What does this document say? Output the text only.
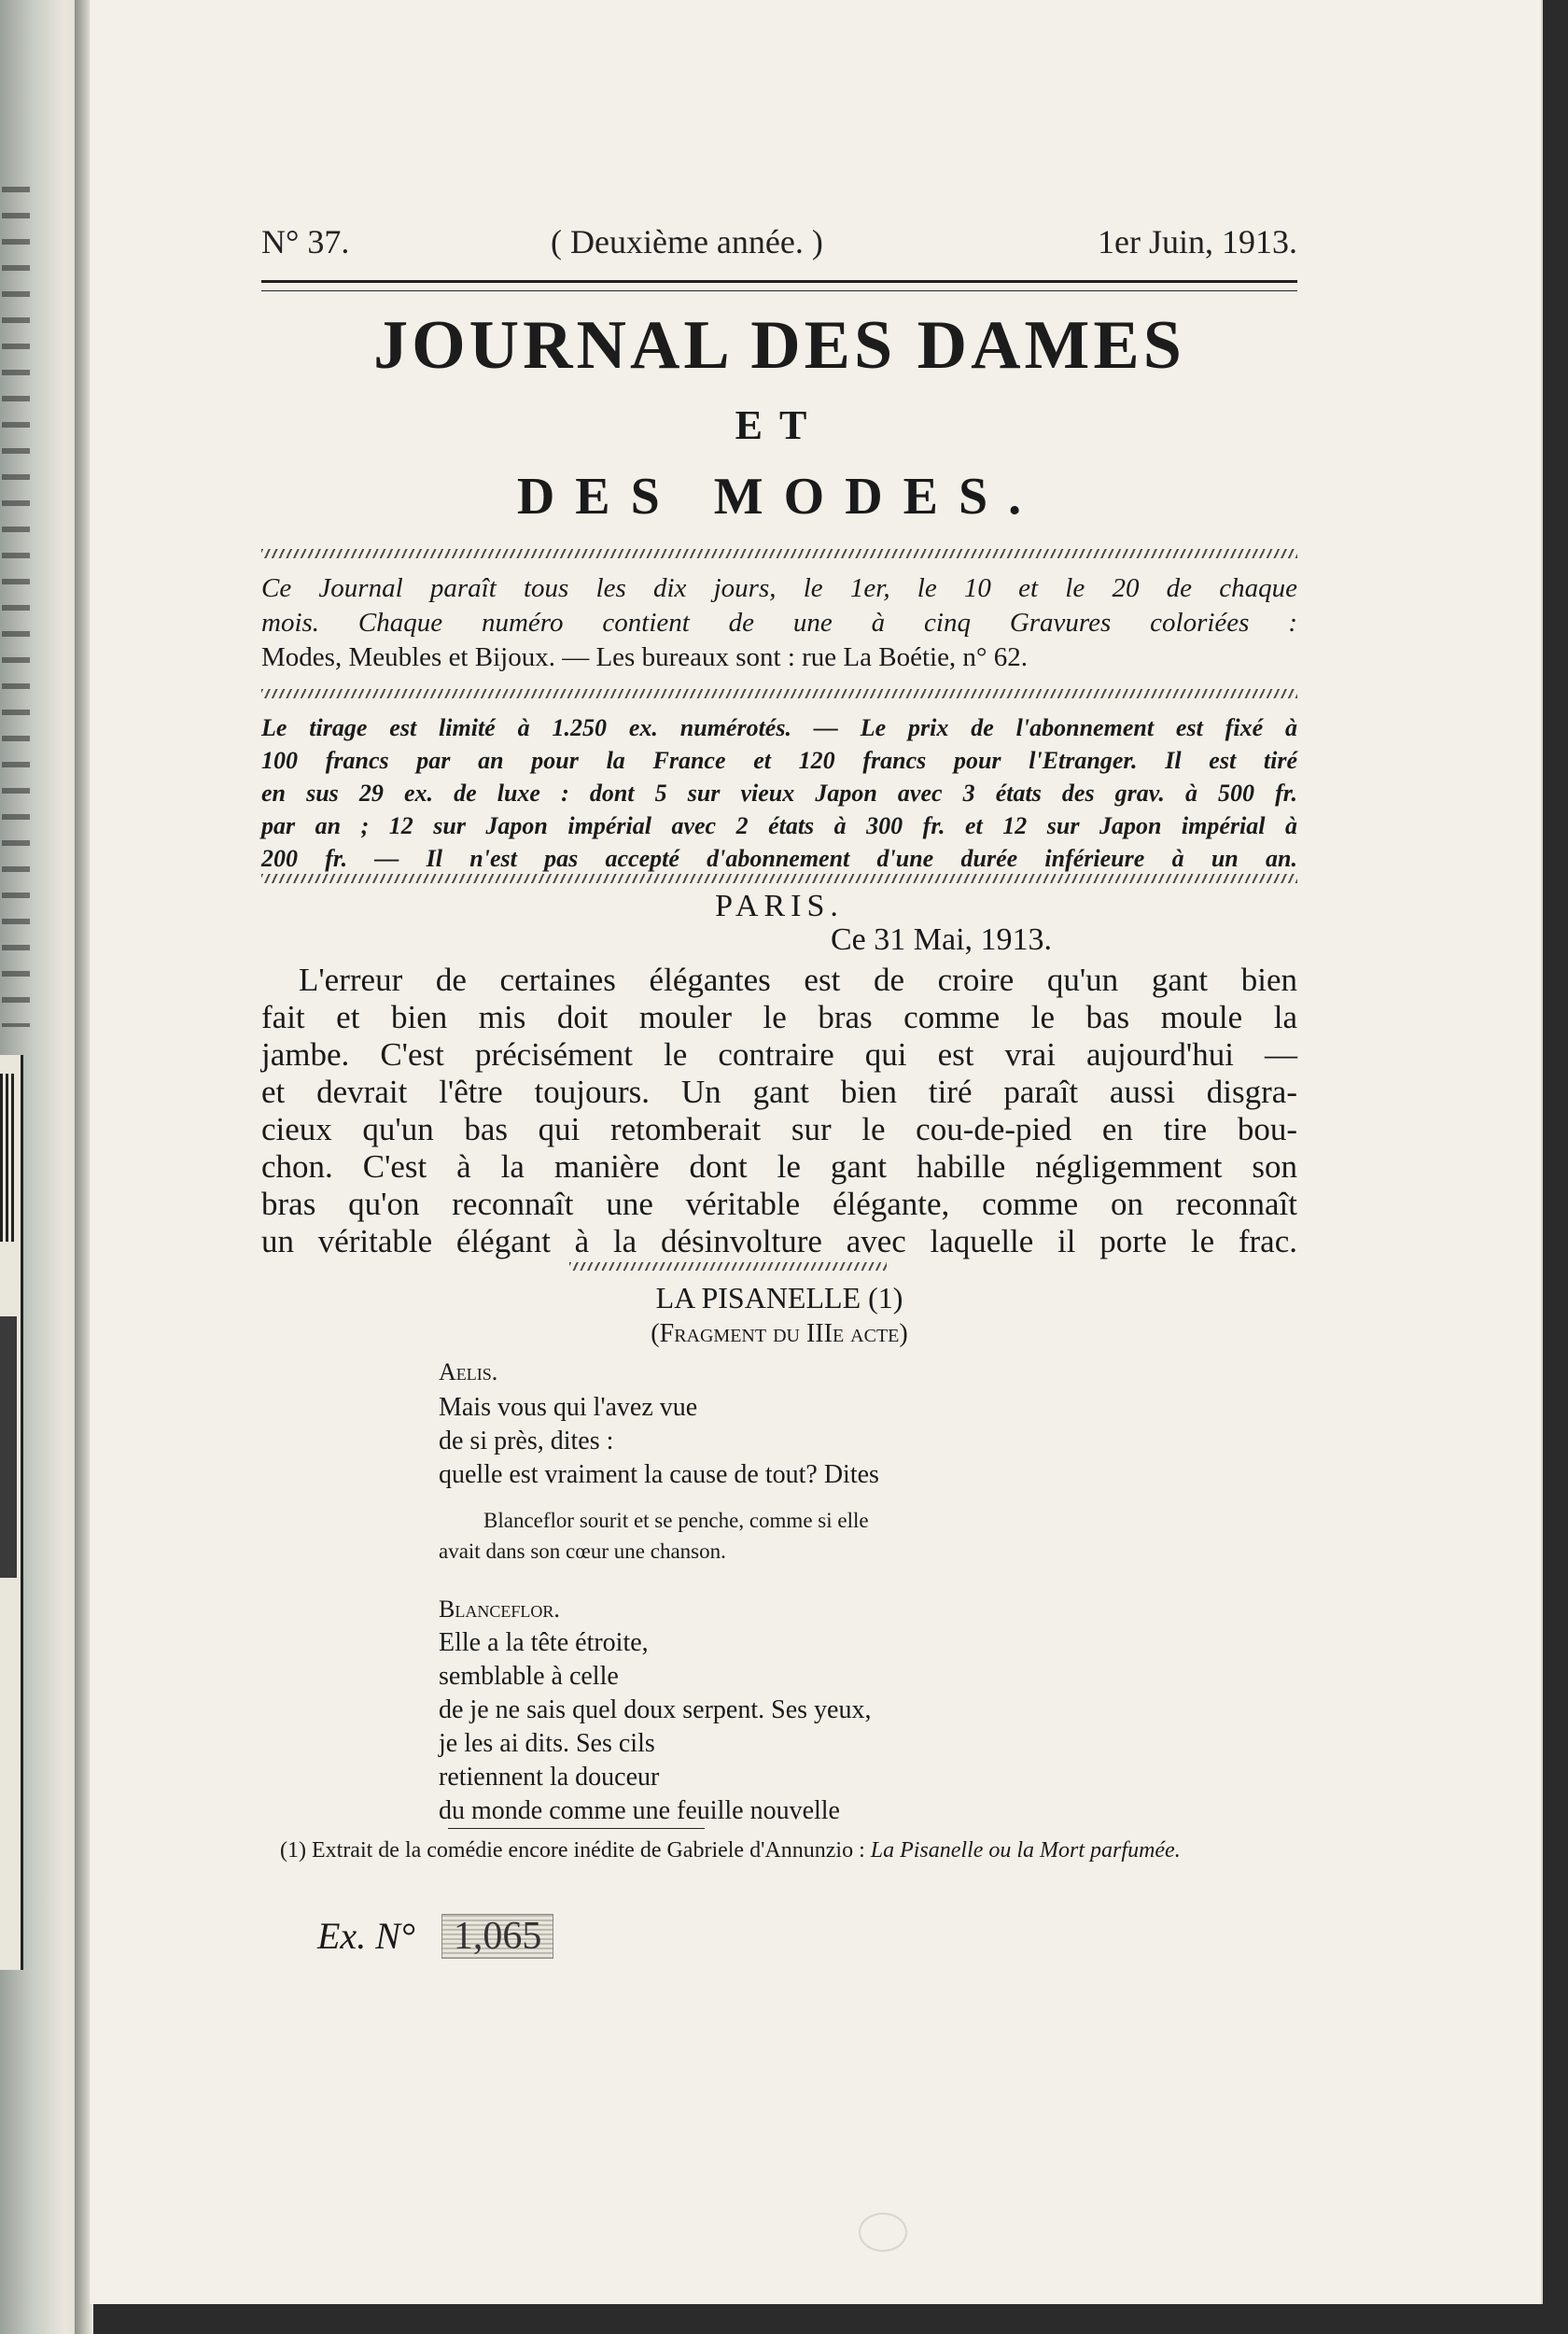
N° 37.	( Deuxième année. )	1er Juin, 1913.
JOURNAL DES DAMES
ET
DES MODES.
Ce Journal paraît tous les dix jours, le 1er, le 10 et le 20 de chaque
mois. Chaque numéro contient de une à cinq Gravures coloriées :
Modes, Meubles et Bijoux. — Les bureaux sont : rue La Boétie, n° 62.
Le tirage est limité à 1.250 ex. numérotés. — Le prix de l'abonnement est fixé à
100 francs par an pour la France et 120 francs pour l'Etranger. Il est tiré
en sus 29 ex. de luxe : dont 5 sur vieux Japon avec 3 états des grav. à 500 fr.
par an ; 12 sur Japon impérial avec 2 états à 300 fr. et 12 sur Japon impérial à
200 fr. — Il n'est pas accepté d'abonnement d'une durée inférieure à un an.
PARIS.
Ce 31 Mai, 1913.
L'erreur de certaines élégantes est de croire qu'un gant bien
fait et bien mis doit mouler le bras comme le bas moule la
jambe. C'est précisément le contraire qui est vrai aujourd'hui —
et devrait l'être toujours. Un gant bien tiré paraît aussi disgra-
cieux qu'un bas qui retomberait sur le cou-de-pied en tire bou-
chon. C'est à la manière dont le gant habille négligemment son
bras qu'on reconnaît une véritable élégante, comme on reconnaît
un véritable élégant à la désinvolture avec laquelle il porte le frac.
LA PISANELLE (1)
(Fragment du IIIe acte)
Aelis.
Mais vous qui l'avez vue
de si près, dites :
quelle est vraiment la cause de tout? Dites
Blanceflor sourit et se penche, comme si elle
avait dans son cœur une chanson.
Blanceflor.
Elle a la tête étroite,
semblable à celle
de je ne sais quel doux serpent. Ses yeux,
je les ai dits. Ses cils
retiennent la douceur
du monde comme une feuille nouvelle
(1) Extrait de la comédie encore inédite de Gabriele d'Annunzio : La Pisanelle ou la Mort parfumée.
Ex. N° 1,065
